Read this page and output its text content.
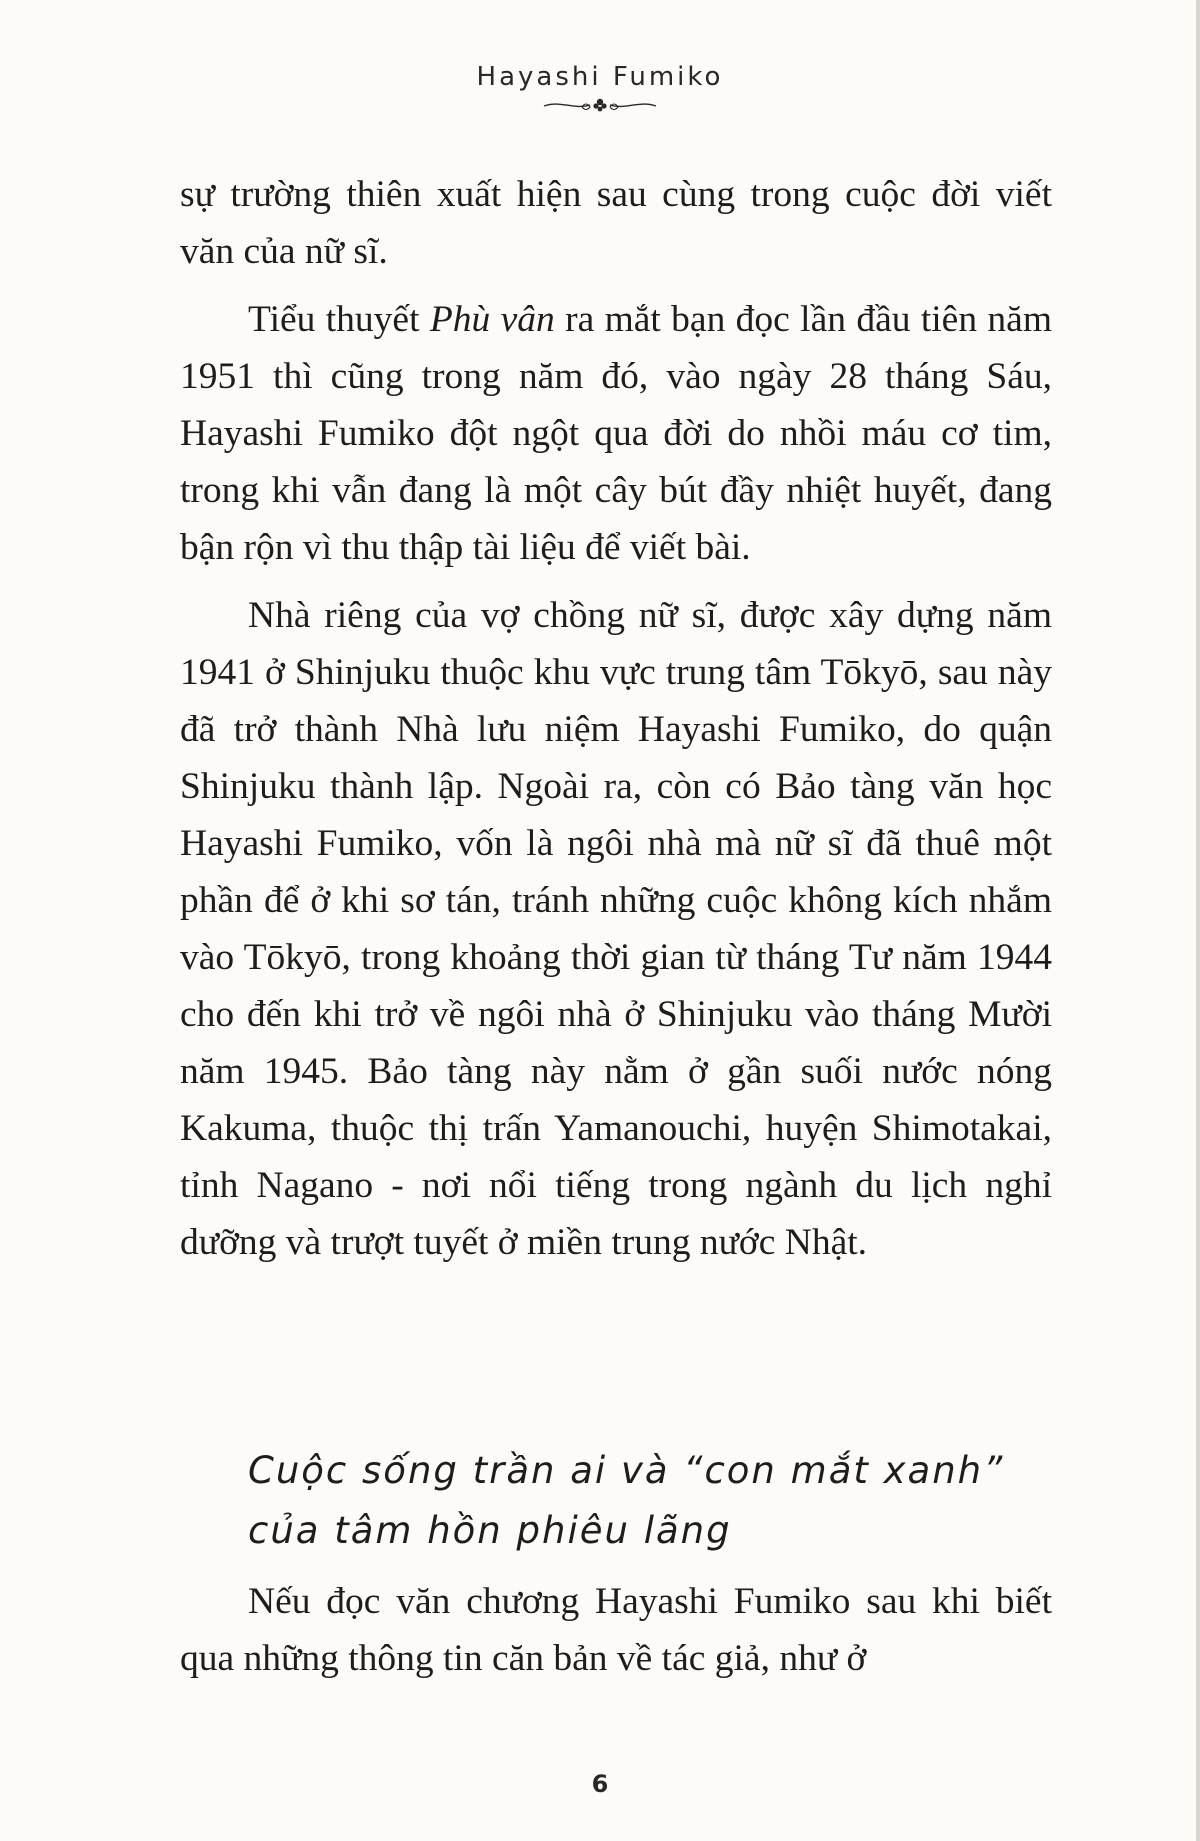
Hayashi Fumiko

sự trường thiên xuất hiện sau cùng trong cuộc đời viết văn của nữ sĩ.

Tiểu thuyết Phù vân ra mắt bạn đọc lần đầu tiên năm 1951 thì cũng trong năm đó, vào ngày 28 tháng Sáu, Hayashi Fumiko đột ngột qua đời do nhồi máu cơ tim, trong khi vẫn đang là một cây bút đầy nhiệt huyết, đang bận rộn vì thu thập tài liệu để viết bài.

Nhà riêng của vợ chồng nữ sĩ, được xây dựng năm 1941 ở Shinjuku thuộc khu vực trung tâm Tōkyō, sau này đã trở thành Nhà lưu niệm Hayashi Fumiko, do quận Shinjuku thành lập. Ngoài ra, còn có Bảo tàng văn học Hayashi Fumiko, vốn là ngôi nhà mà nữ sĩ đã thuê một phần để ở khi sơ tán, tránh những cuộc không kích nhắm vào Tōkyō, trong khoảng thời gian từ tháng Tư năm 1944 cho đến khi trở về ngôi nhà ở Shinjuku vào tháng Mười năm 1945. Bảo tàng này nằm ở gần suối nước nóng Kakuma, thuộc thị trấn Yamanouchi, huyện Shimotakai, tỉnh Nagano - nơi nổi tiếng trong ngành du lịch nghỉ dưỡng và trượt tuyết ở miền trung nước Nhật.

Cuộc sống trần ai và “con mắt xanh”
của tâm hồn phiêu lãng

Nếu đọc văn chương Hayashi Fumiko sau khi biết qua những thông tin căn bản về tác giả, như ở

6
